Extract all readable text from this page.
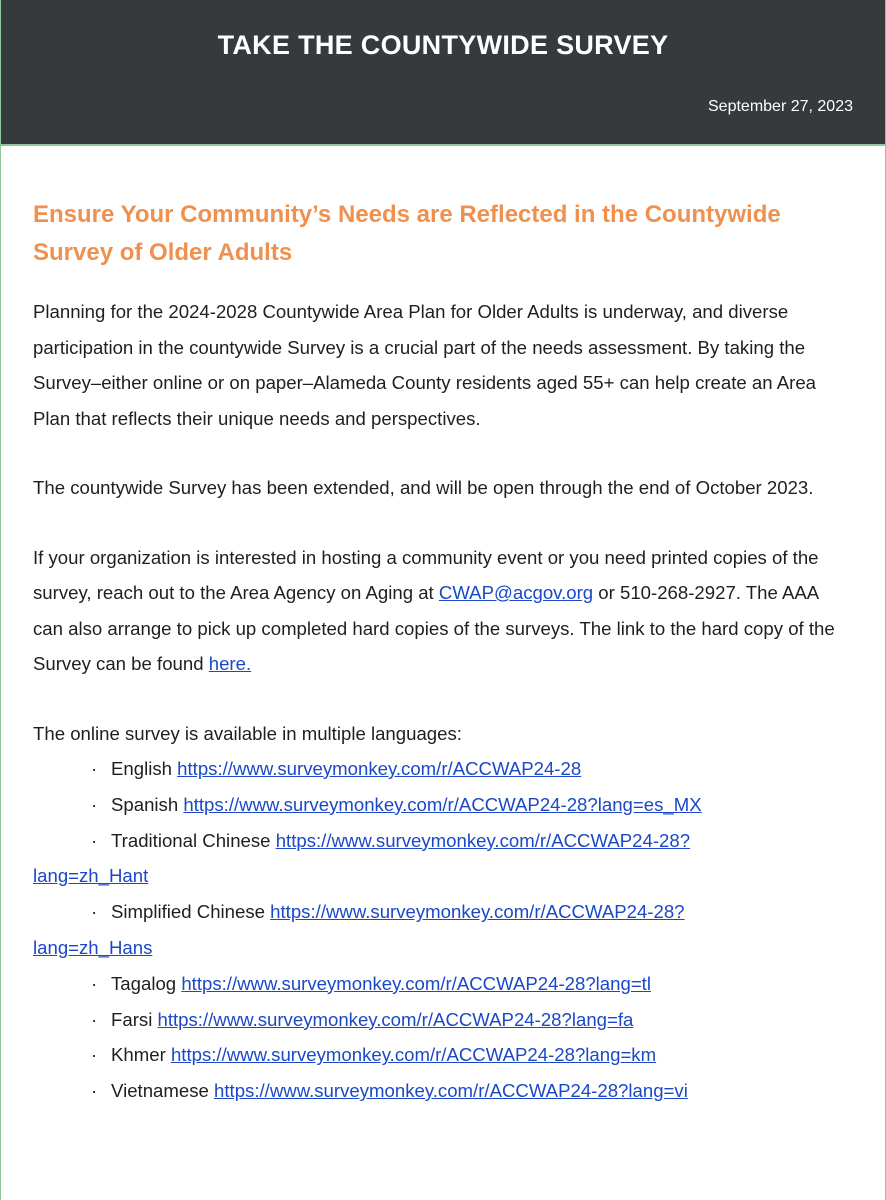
TAKE THE COUNTYWIDE SURVEY
September 27, 2023
Ensure Your Community’s Needs are Reflected in the Countywide Survey of Older Adults

Planning for the 2024-2028 Countywide Area Plan for Older Adults is underway, and diverse participation in the countywide Survey is a crucial part of the needs assessment. By taking the Survey–either online or on paper–Alameda County residents aged 55+ can help create an Area Plan that reflects their unique needs and perspectives.

The countywide Survey has been extended, and will be open through the end of October 2023.

If your organization is interested in hosting a community event or you need printed copies of the survey, reach out to the Area Agency on Aging at CWAP@acgov.org or 510-268-2927. The AAA can also arrange to pick up completed hard copies of the surveys. The link to the hard copy of the Survey can be found here.

The online survey is available in multiple languages:

· English https://www.surveymonkey.com/r/ACCWAP24-28
· Spanish https://www.surveymonkey.com/r/ACCWAP24-28?lang=es_MX
· Traditional Chinese https://www.surveymonkey.com/r/ACCWAP24-28?
lang=zh_Hant
· Simplified Chinese https://www.surveymonkey.com/r/ACCWAP24-28?
lang=zh_Hans
· Tagalog https://www.surveymonkey.com/r/ACCWAP24-28?lang=tl
· Farsi https://www.surveymonkey.com/r/ACCWAP24-28?lang=fa
· Khmer https://www.surveymonkey.com/r/ACCWAP24-28?lang=km
· Vietnamese https://www.surveymonkey.com/r/ACCWAP24-28?lang=vi
